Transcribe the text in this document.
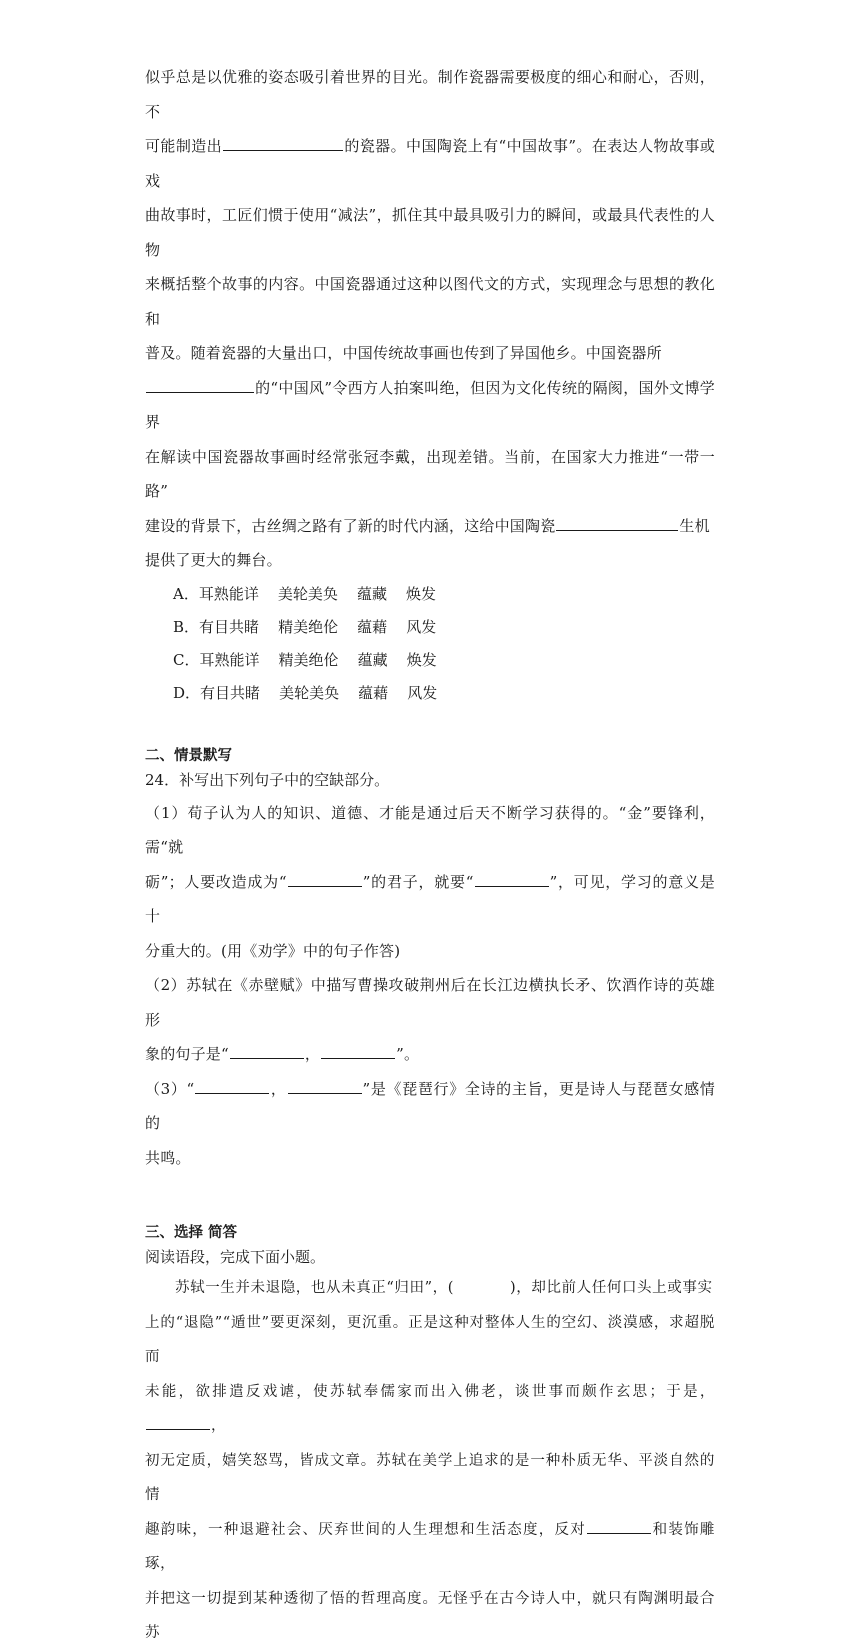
似乎总是以优雅的姿态吸引着世界的目光。制作瓷器需要极度的细心和耐心，否则，不
可能制造出	的瓷器。中国陶瓷上有“中国故事”。在表达人物故事或戏
曲故事时，工匠们惯于使用“减法”，抓住其中最具吸引力的瞬间，或最具代表性的人物
来概括整个故事的内容。中国瓷器通过这种以图代文的方式，实现理念与思想的教化和
普及。随着瓷器的大量出口，中国传统故事画也传到了异国他乡。中国瓷器所
的“中国风”令西方人拍案叫绝，但因为文化传统的隔阂，国外文博学界
在解读中国瓷器故事画时经常张冠李戴，出现差错。当前，在国家大力推进“一带一路”
建设的背景下，古丝绸之路有了新的时代内涵，这给中国陶瓷	生机
提供了更大的舞台。

A．耳熟能详    美轮美奂    蕴藏    焕发
B．有目共睹    精美绝伦    蕴藉    风发
C．耳熟能详    精美绝伦    蕴藏    焕发
D．有目共睹    美轮美奂    蕴藉    风发

二、情景默写

24．补写出下列句子中的空缺部分。

（1）荀子认为人的知识、道德、才能是通过后天不断学习获得的。“金”要锋利，需“就
砺”；人要改造成为“	”的君子，就要“	”，可见，学习的意义是十
分重大的。(用《劝学》中的句子作答)
（2）苏轼在《赤壁赋》中描写曹操攻破荆州后在长江边横执长矛、饮酒作诗的英雄形
象的句子是“	，	”。
（3）“	，	”是《琵琶行》全诗的主旨，更是诗人与琵琶女感情的
共鸣。

三、选择 简答

阅读语段，完成下面小题。

苏轼一生并未退隐，也从未真正“归田”，(	)，却比前人任何口头上或事实
上的“退隐”“遁世”要更深刻，更沉重。正是这种对整体人生的空幻、淡漠感，求超脱而
未能，欲排遣反戏谑，使苏轼奉儒家而出入佛老，谈世事而颇作玄思；于是，，
初无定质，嬉笑怒骂，皆成文章。苏轼在美学上追求的是一种朴质无华、平淡自然的情
趣韵味，一种退避社会、厌弃世间的人生理想和生活态度，反对	和装饰雕琢，
并把这一切提到某种透彻了悟的哲理高度。无怪乎在古今诗人中，就只有陶渊明最合苏
